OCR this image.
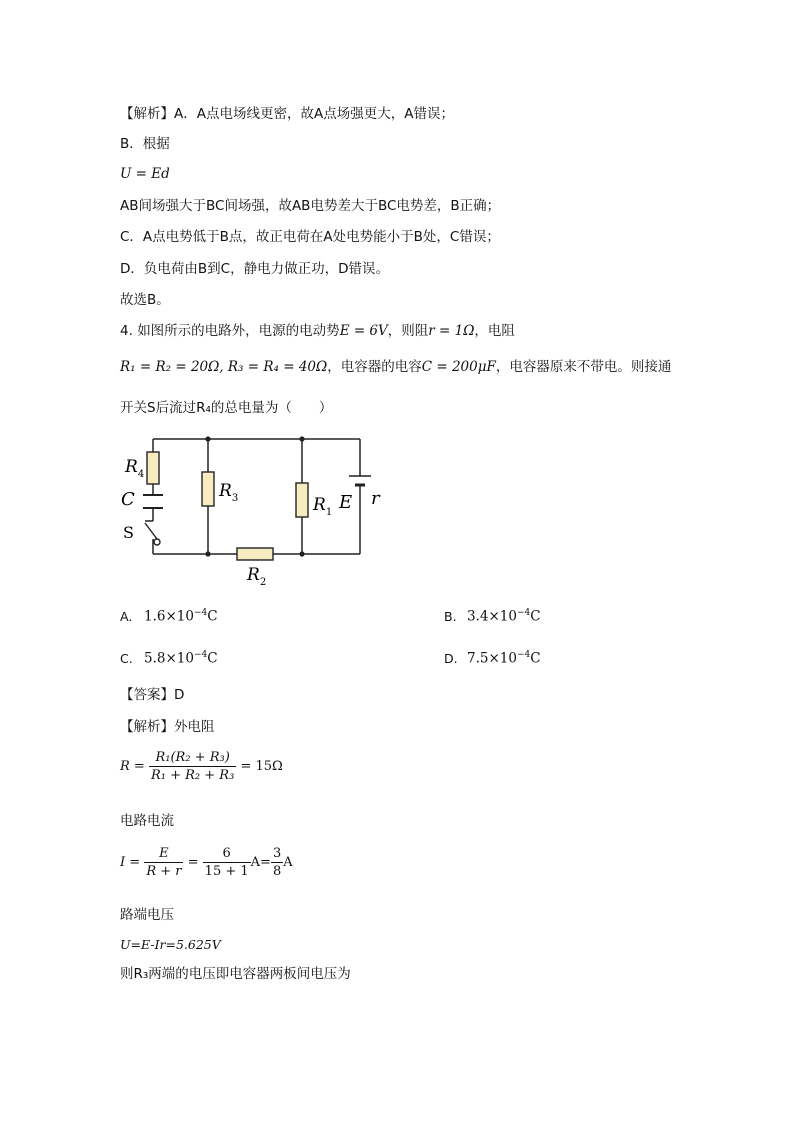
【解析】A．A点电场线更密，故A点场强更大，A错误；
B．根据
U = Ed
AB间场强大于BC间场强，故AB电势差大于BC电势差，B正确；
C．A点电势低于B点，故正电荷在A处电势能小于B处，C错误；
D．负电荷由B到C，静电力做正功，D错误。
故选B。
4. 如图所示的电路外，电源的电动势E = 6V，则阻r = 1Ω，电阻
R₁ = R₂ = 20Ω, R₃ = R₄ = 40Ω，电容器的电容C = 200μF，电容器原来不带电。则接通
开关S后流过R₄的总电量为（　　）
$R_4$
C
S
$R_3$	$R_1$ E r
$R_2$
A. $1.6\times 10^{-4}C$	B. $3.4\times 10^{-4}C$
C. $5.8\times 10^{-4}C$	D. $7.5\times 10^{-4}C$
【答案】D
【解析】外电阻
$R = \frac{\text{R₁(R₂ + R₃)}}{\text{R₁ + R₂ + R₃}} = 15\Omega$
电路电流
$I = \frac{E}{R + r} = \frac{6}{15 + 1} A= \frac{3}{8}$ A
路端电压
U=E-Ir=5.625V
则R₃两端的电压即电容器两板间电压为
